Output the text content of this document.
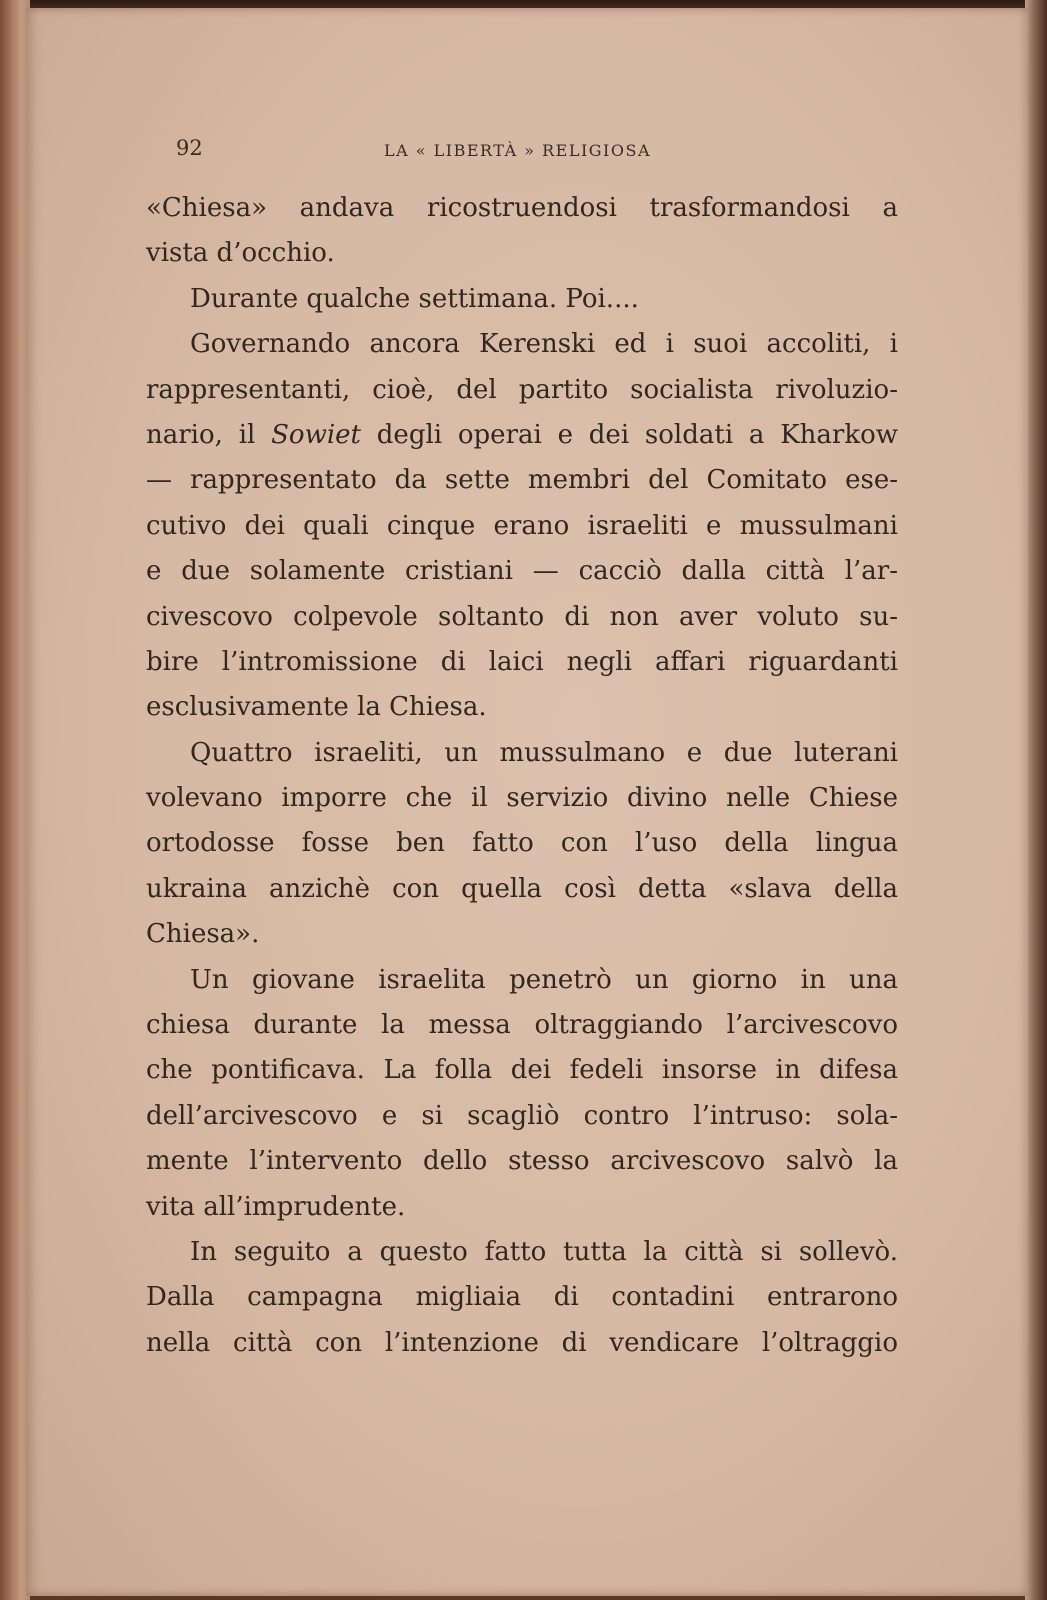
92	LA « LIBERTÀ » RELIGIOSA
«Chiesa» andava ricostruendosi trasformandosi a
vista d’occhio.
Durante qualche settimana. Poi....
Governando ancora Kerenski ed i suoi accoliti, i
rappresentanti, cioè, del partito socialista rivoluzio-
nario, il Sowiet degli operai e dei soldati a Kharkow
— rappresentato da sette membri del Comitato ese-
cutivo dei quali cinque erano israeliti e mussulmani
e due solamente cristiani — cacciò dalla città l’ar-
civescovo colpevole soltanto di non aver voluto su-
bire l’intromissione di laici negli affari riguardanti
esclusivamente la Chiesa.
Quattro israeliti, un mussulmano e due luterani
volevano imporre che il servizio divino nelle Chiese
ortodosse fosse ben fatto con l’uso della lingua
ukraina anzichè con quella così detta «slava della
Chiesa».
Un giovane israelita penetrò un giorno in una
chiesa durante la messa oltraggiando l’arcivescovo
che pontificava. La folla dei fedeli insorse in difesa
dell’arcivescovo e si scagliò contro l’intruso: sola-
mente l’intervento dello stesso arcivescovo salvò la
vita all’imprudente.
In seguito a questo fatto tutta la città si sollevò.
Dalla campagna migliaia di contadini entrarono
nella città con l’intenzione di vendicare l’oltraggio
